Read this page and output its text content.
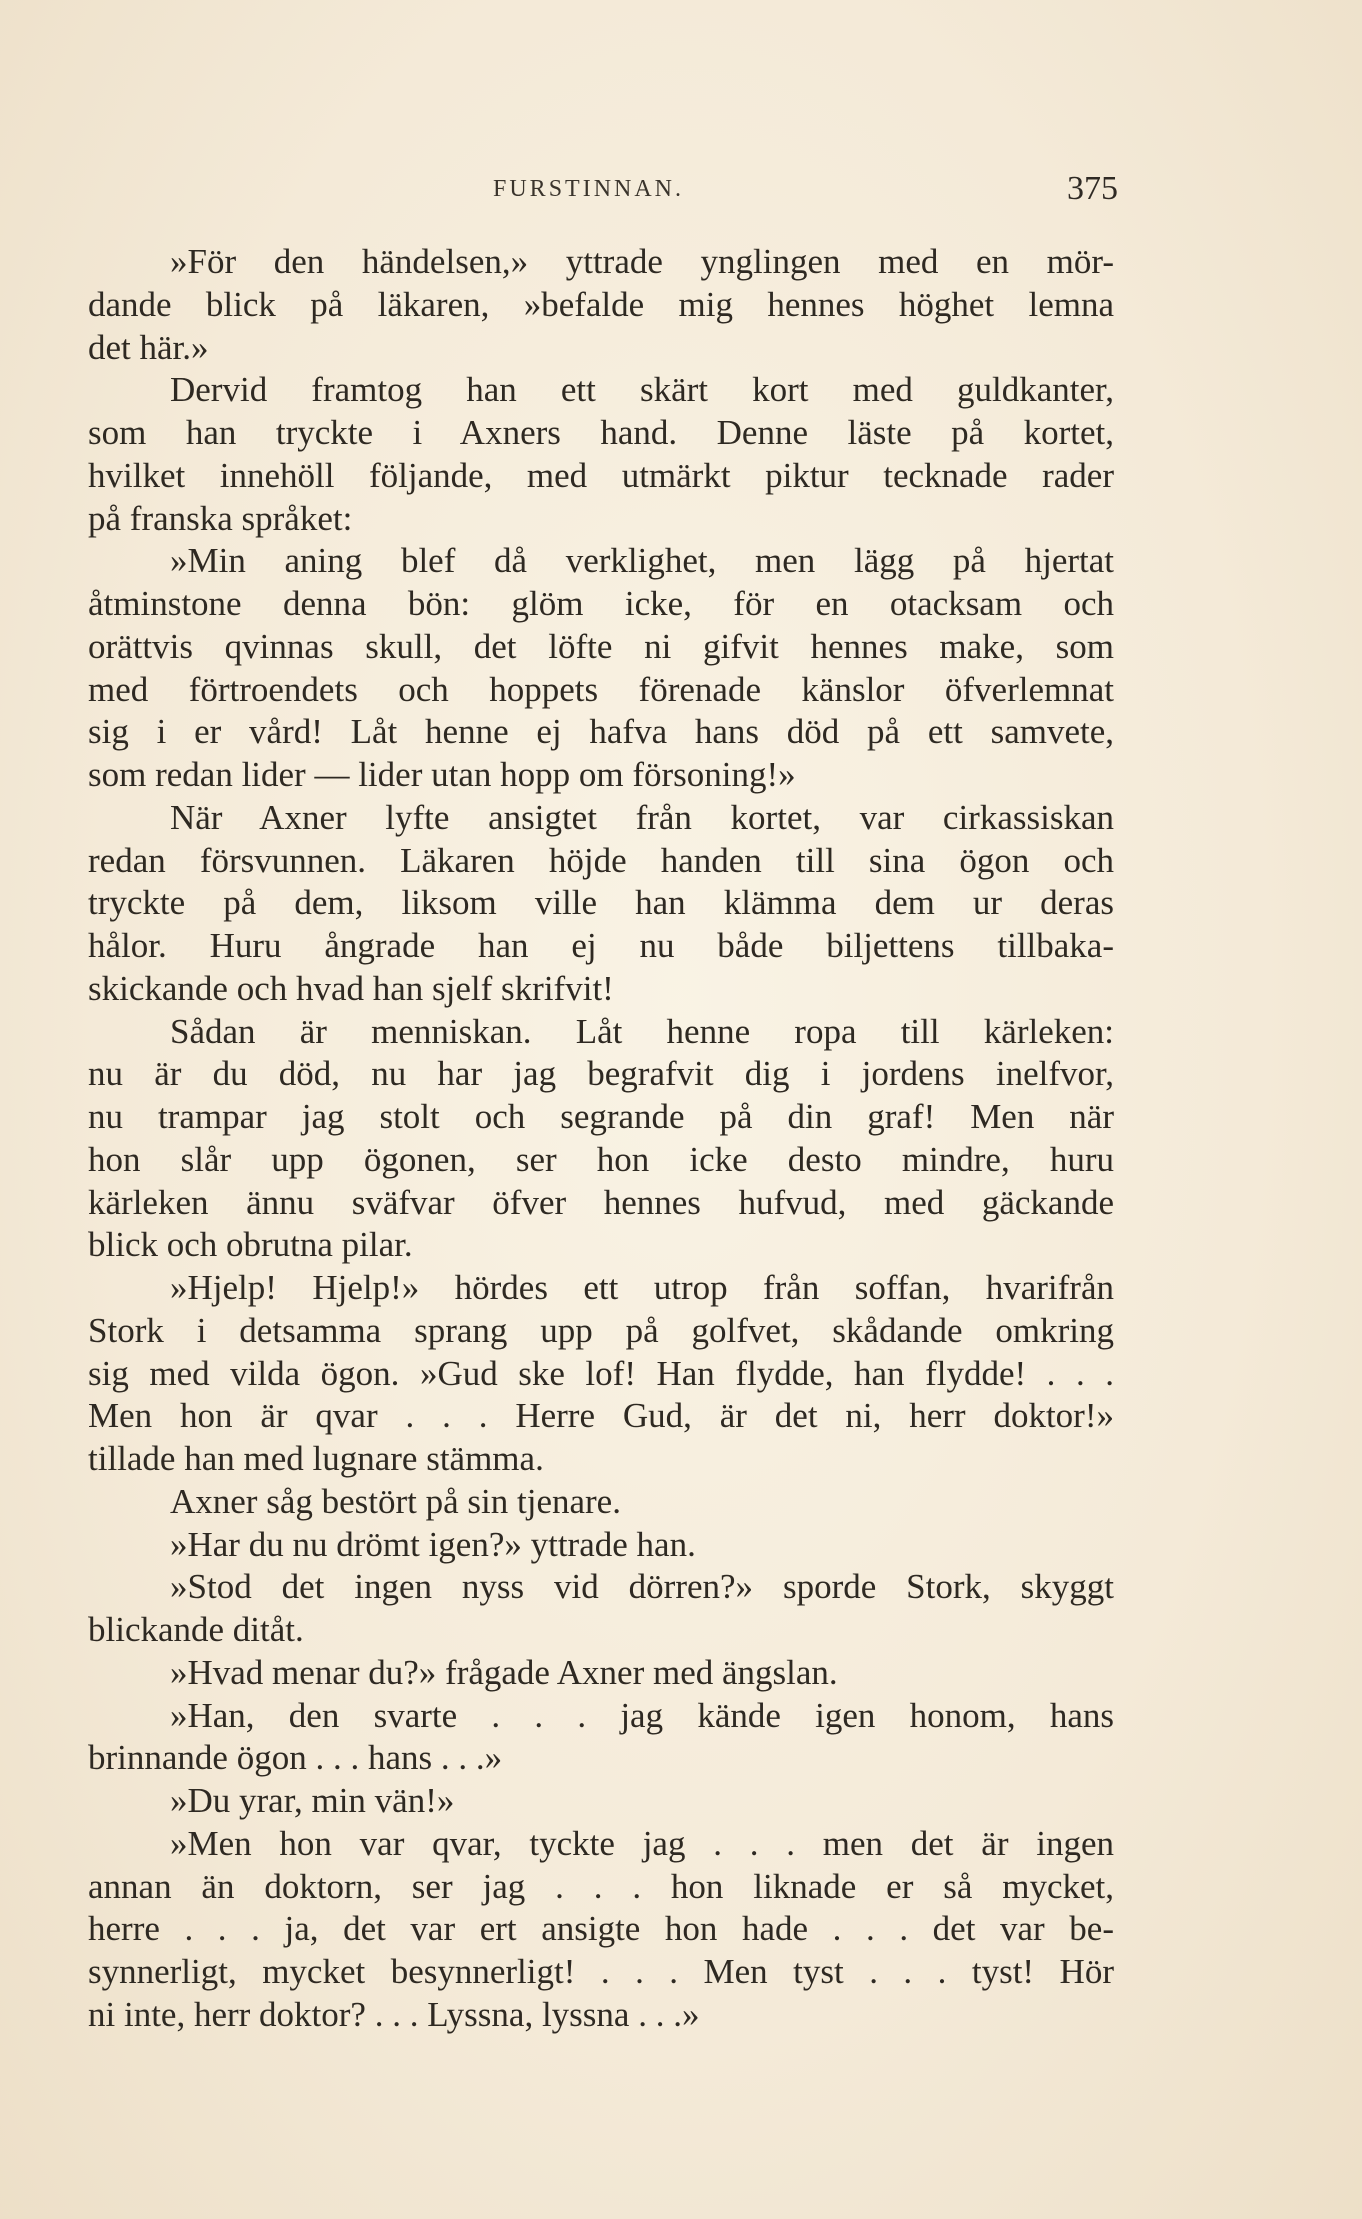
FURSTINNAN.	375
»För den händelsen,» yttrade ynglingen med en mör-
dande blick på läkaren, »befalde mig hennes höghet lemna
det här.»
Dervid framtog han ett skärt kort med guldkanter,
som han tryckte i Axners hand. Denne läste på kortet,
hvilket innehöll följande, med utmärkt piktur tecknade rader
på franska språket:
»Min aning blef då verklighet, men lägg på hjertat
åtminstone denna bön: glöm icke, för en otacksam och
orättvis qvinnas skull, det löfte ni gifvit hennes make, som
med förtroendets och hoppets förenade känslor öfverlemnat
sig i er vård! Låt henne ej hafva hans död på ett samvete,
som redan lider — lider utan hopp om försoning!»
När Axner lyfte ansigtet från kortet, var cirkassiskan
redan försvunnen. Läkaren höjde handen till sina ögon och
tryckte på dem, liksom ville han klämma dem ur deras
hålor. Huru ångrade han ej nu både biljettens tillbaka-
skickande och hvad han sjelf skrifvit!
Sådan är menniskan. Låt henne ropa till kärleken:
nu är du död, nu har jag begrafvit dig i jordens inelfvor,
nu trampar jag stolt och segrande på din graf! Men när
hon slår upp ögonen, ser hon icke desto mindre, huru
kärleken ännu sväfvar öfver hennes hufvud, med gäckande
blick och obrutna pilar.
»Hjelp! Hjelp!» hördes ett utrop från soffan, hvarifrån
Stork i detsamma sprang upp på golfvet, skådande omkring
sig med vilda ögon. »Gud ske lof! Han flydde, han flydde! . . .
Men hon är qvar . . . Herre Gud, är det ni, herr doktor!»
tillade han med lugnare stämma.
Axner såg bestört på sin tjenare.
»Har du nu drömt igen?» yttrade han.
»Stod det ingen nyss vid dörren?» sporde Stork, skyggt
blickande ditåt.
»Hvad menar du?» frågade Axner med ängslan.
»Han, den svarte . . . jag kände igen honom, hans
brinnande ögon . . . hans . . .»
»Du yrar, min vän!»
»Men hon var qvar, tyckte jag . . . men det är ingen
annan än doktorn, ser jag . . . hon liknade er så mycket,
herre . . . ja, det var ert ansigte hon hade . . . det var be-
synnerligt, mycket besynnerligt! . . . Men tyst . . . tyst! Hör
ni inte, herr doktor? . . . Lyssna, lyssna . . .»
